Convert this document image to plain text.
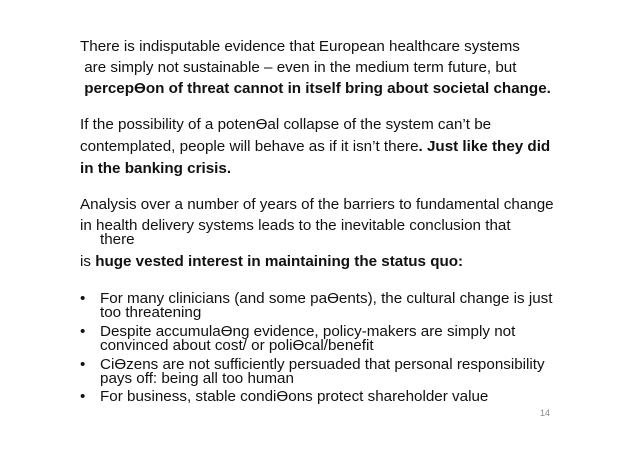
There is indisputable evidence that European healthcare systems
are simply not sustainable – even in the medium term future, but
percepƟon of threat cannot in itself bring about societal change.
If the possibility of a potenƟal collapse of the system can’t be
contemplated, people will behave as if it isn’t there. Just like they did
in the banking crisis.
Analysis over a number of years of the barriers to fundamental change
in health delivery systems leads to the inevitable conclusion that
there
is huge vested interest in maintaining the status quo:
• For many clinicians (and some paƟents), the cultural change is just
too threatening
• Despite accumulaƟng evidence, policy-makers are simply not
convinced about cost/ or poliƟcal/benefit
• CiƟzens are not sufficiently persuaded that personal responsibility
pays off: being all too human
• For business, stable condiƟons protect shareholder value
14
